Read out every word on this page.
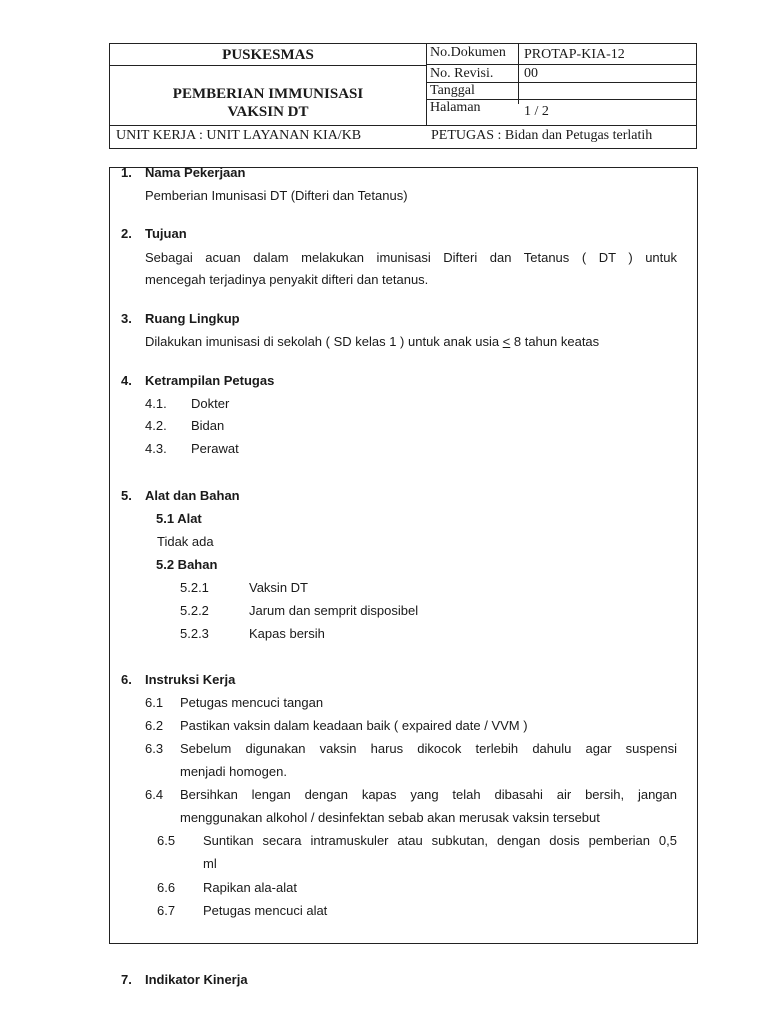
PUSKESMAS
PEMBERIAN IMMUNISASI
VAKSIN DT
No.Dokumen PROTAP-KIA-12
No. Revisi. 00
Tanggal
Halaman	1 / 2
UNIT KERJA : UNIT LAYANAN KIA/KB	PETUGAS : Bidan dan Petugas terlatih
1. Nama Pekerjaan
Pemberian Imunisasi DT (Difteri dan Tetanus)
2. Tujuan
Sebagai acuan dalam melakukan imunisasi Difteri dan Tetanus ( DT ) untuk
mencegah terjadinya penyakit difteri dan tetanus.
3. Ruang Lingkup
Dilakukan imunisasi di sekolah ( SD kelas 1 ) untuk anak usia ≤ 8 tahun keatas
4. Ketrampilan Petugas
4.1. Dokter
4.2. Bidan
4.3. Perawat
5. Alat dan Bahan
5.1 Alat
Tidak ada
5.2 Bahan
5.2.1	Vaksin DT
5.2.2	Jarum dan semprit disposibel
5.2.3	Kapas bersih
6. Instruksi Kerja
6.1 Petugas mencuci tangan
6.2 Pastikan vaksin dalam keadaan baik ( expaired date / VVM )
6.3 Sebelum digunakan vaksin harus dikocok terlebih dahulu agar suspensi
menjadi homogen.
6.4 Bersihkan lengan dengan kapas yang telah dibasahi air bersih, jangan
menggunakan alkohol / desinfektan sebab akan merusak vaksin tersebut
6.5 Suntikan secara intramuskuler atau subkutan, dengan dosis pemberian 0,5
ml
6.6 Rapikan ala-alat
6.7 Petugas mencuci alat
7. Indikator Kinerja
